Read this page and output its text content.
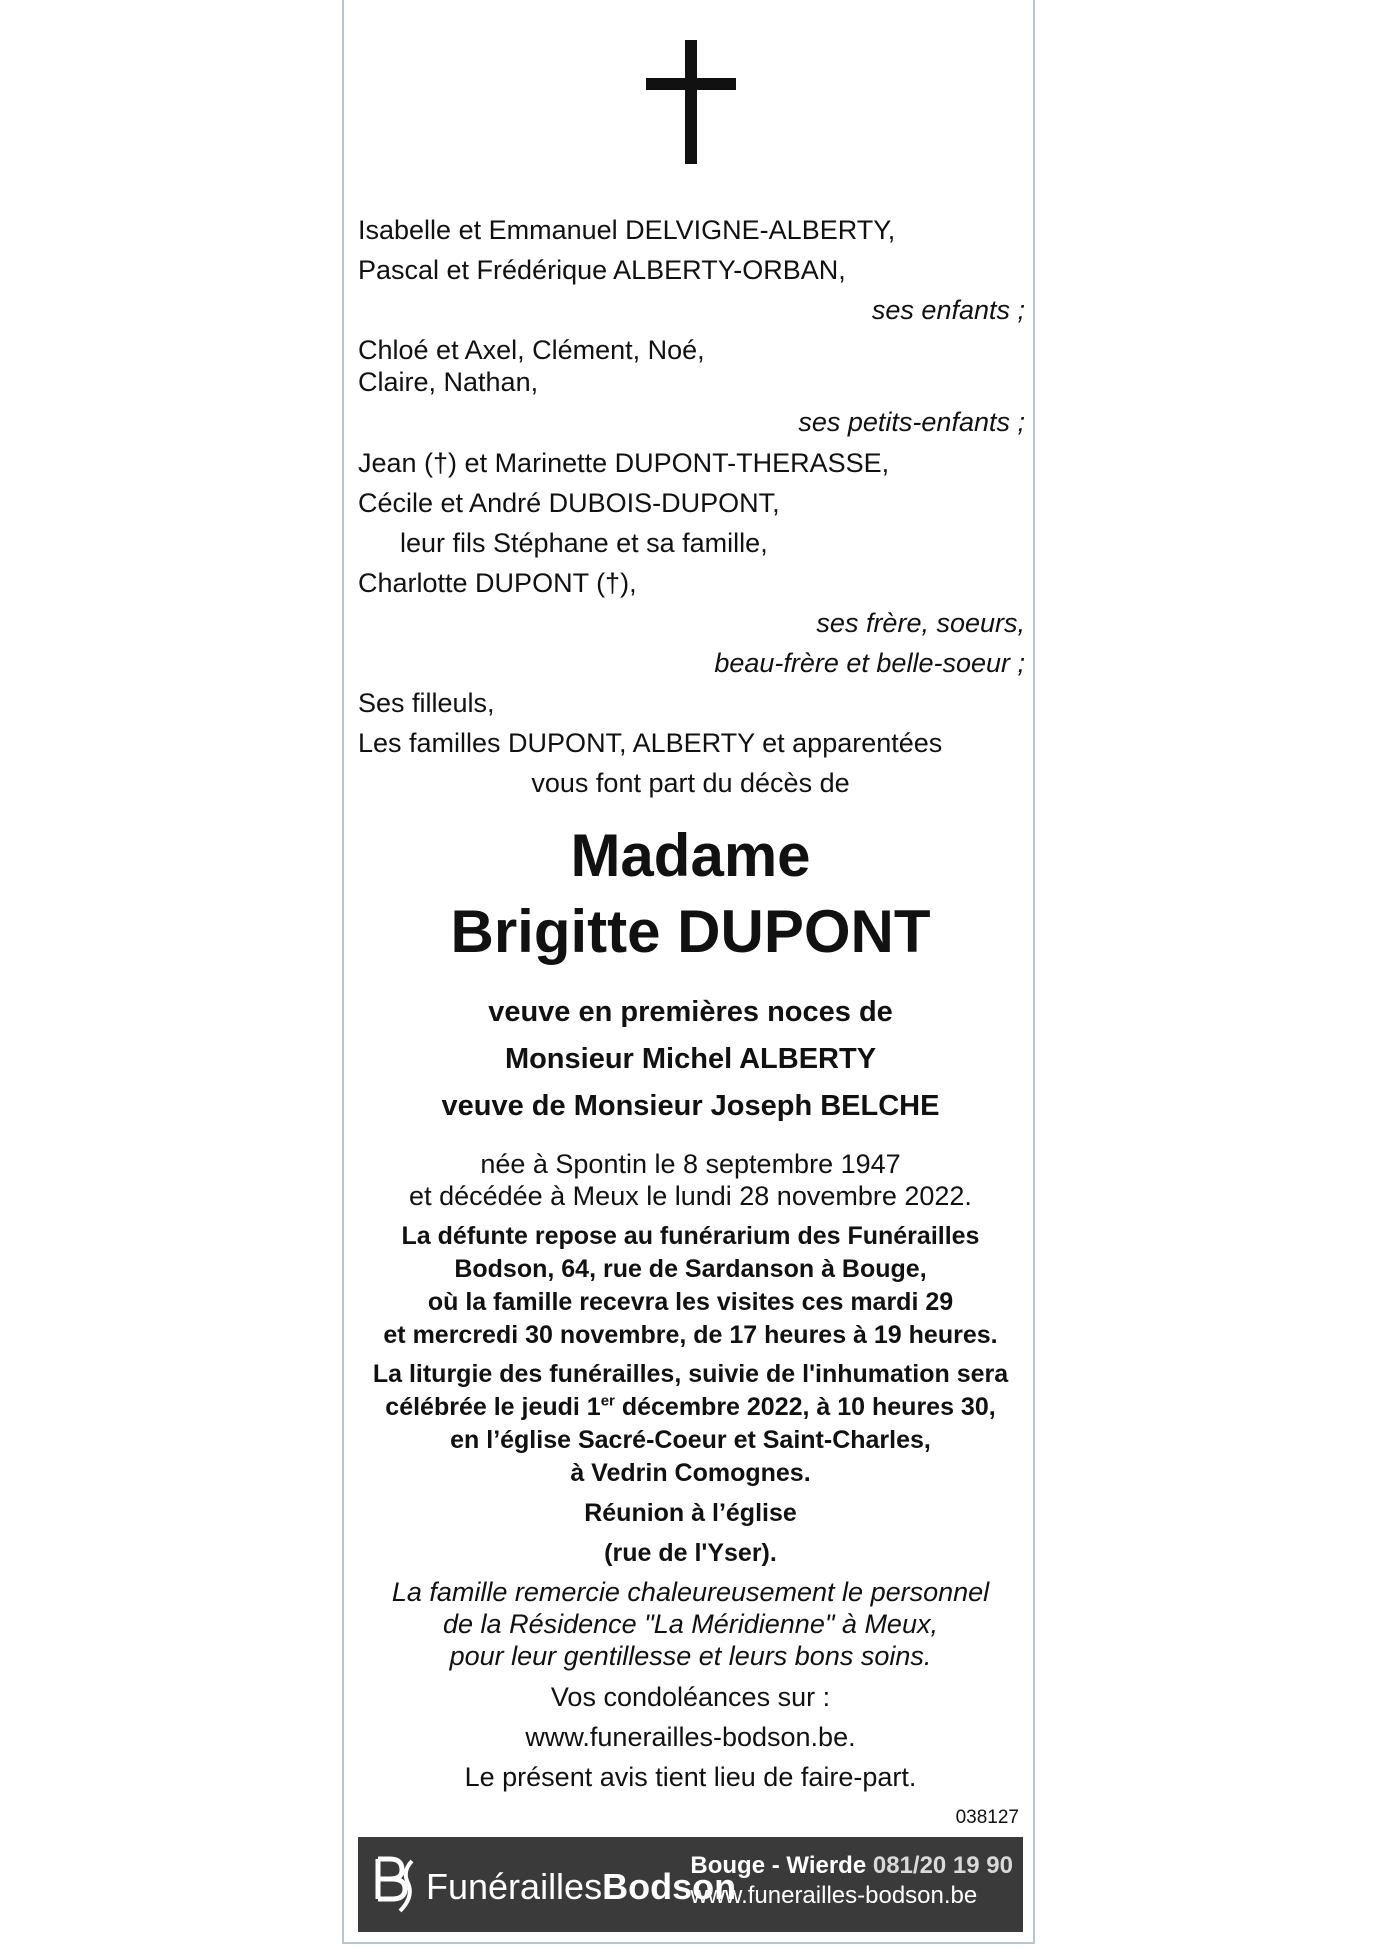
Isabelle et Emmanuel DELVIGNE-ALBERTY,
Pascal et Frédérique ALBERTY-ORBAN,
ses enfants ;
Chloé et Axel, Clément, Noé,
Claire, Nathan,
ses petits-enfants ;
Jean (†) et Marinette DUPONT-THERASSE,
Cécile et André DUBOIS-DUPONT,
leur fils Stéphane et sa famille,
Charlotte DUPONT (†),
ses frère, soeurs,
beau-frère et belle-soeur ;
Ses filleuls,
Les familles DUPONT, ALBERTY et apparentées
vous font part du décès de
Madame
Brigitte DUPONT
veuve en premières noces de
Monsieur Michel ALBERTY
veuve de Monsieur Joseph BELCHE
née à Spontin le 8 septembre 1947
et décédée à Meux le lundi 28 novembre 2022.
La défunte repose au funérarium des Funérailles
Bodson, 64, rue de Sardanson à Bouge,
où la famille recevra les visites ces mardi 29
et mercredi 30 novembre, de 17 heures à 19 heures.
La liturgie des funérailles, suivie de l'inhumation sera
célébrée le jeudi 1er décembre 2022, à 10 heures 30,
en l’église Sacré-Coeur et Saint-Charles,
à Vedrin Comognes.
Réunion à l’église
(rue de l'Yser).
La famille remercie chaleureusement le personnel
de la Résidence "La Méridienne" à Meux,
pour leur gentillesse et leurs bons soins.
Vos condoléances sur :
www.funerailles-bodson.be.
Le présent avis tient lieu de faire-part.
038127
FunéraillesBodson
Bouge - Wierde 081/20 19 90
www.funerailles-bodson.be
